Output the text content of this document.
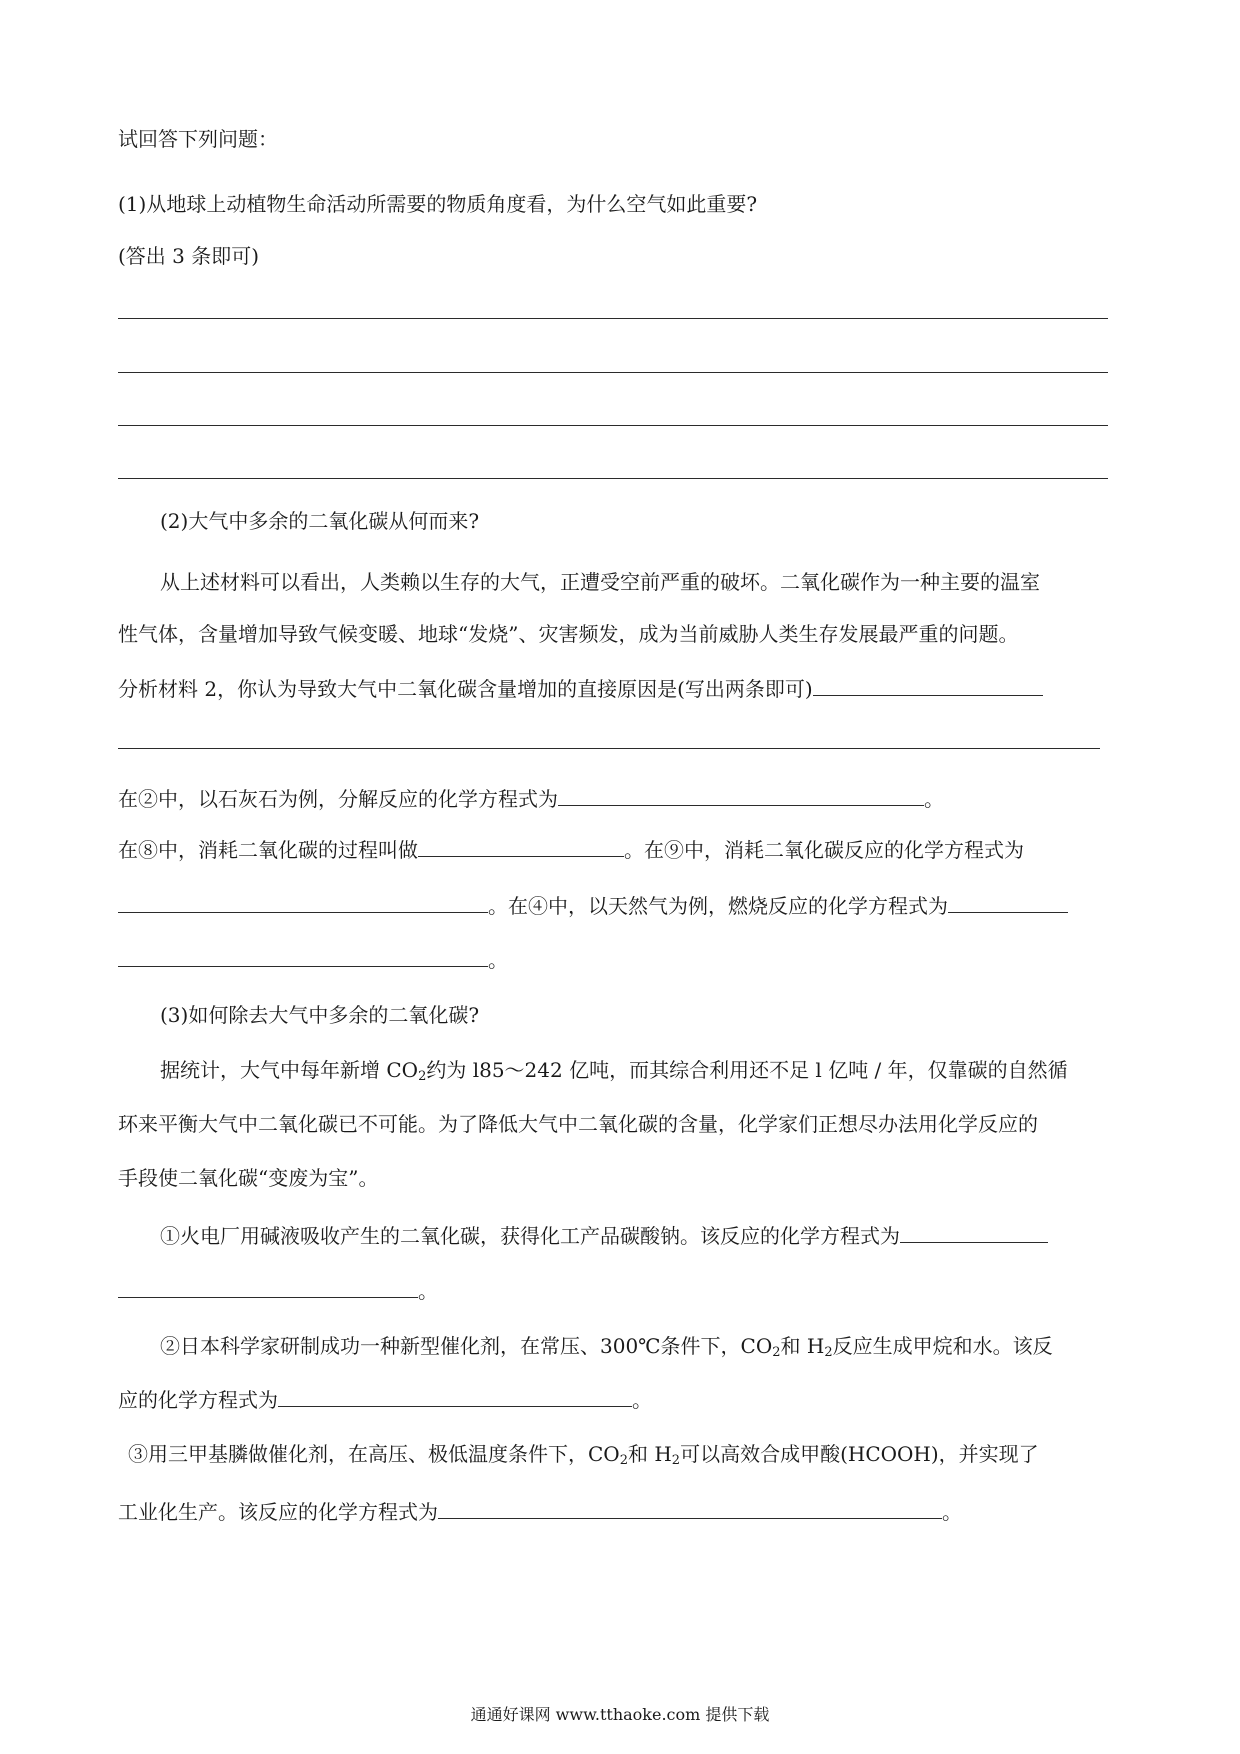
试回答下列问题：
(1)从地球上动植物生命活动所需要的物质角度看，为什么空气如此重要?
(答出 3 条即可)
(2)大气中多余的二氧化碳从何而来?
从上述材料可以看出，人类赖以生存的大气，正遭受空前严重的破坏。二氧化碳作为一种主要的温室
性气体，含量增加导致气候变暖、地球“发烧”、灾害频发，成为当前威胁人类生存发展最严重的问题。
分析材料 2，你认为导致大气中二氧化碳含量增加的直接原因是(写出两条即可)
在②中，以石灰石为例，分解反应的化学方程式为	。
在⑧中，消耗二氧化碳的过程叫做	。在⑨中，消耗二氧化碳反应的化学方程式为
。在④中，以天然气为例，燃烧反应的化学方程式为
。
(3)如何除去大气中多余的二氧化碳?
据统计，大气中每年新增 $CO_2$约为 l85～242 亿吨，而其综合利用还不足 l 亿吨 / 年，仅靠碳的自然循
环来平衡大气中二氧化碳已不可能。为了降低大气中二氧化碳的含量，化学家们正想尽办法用化学反应的
手段使二氧化碳“变废为宝”。
①火电厂用碱液吸收产生的二氧化碳，获得化工产品碳酸钠。该反应的化学方程式为
。
②日本科学家研制成功一种新型催化剂，在常压、300℃条件下，$CO_2$和 $H_2$反应生成甲烷和水。该反
应的化学方程式为	。
③用三甲基膦做催化剂，在高压、极低温度条件下，$CO_2$和 $H_2$可以高效合成甲酸(HCOOH)，并实现了
工业化生产。该反应的化学方程式为	。
通通好课网 www.tthaoke.com 提供下载
